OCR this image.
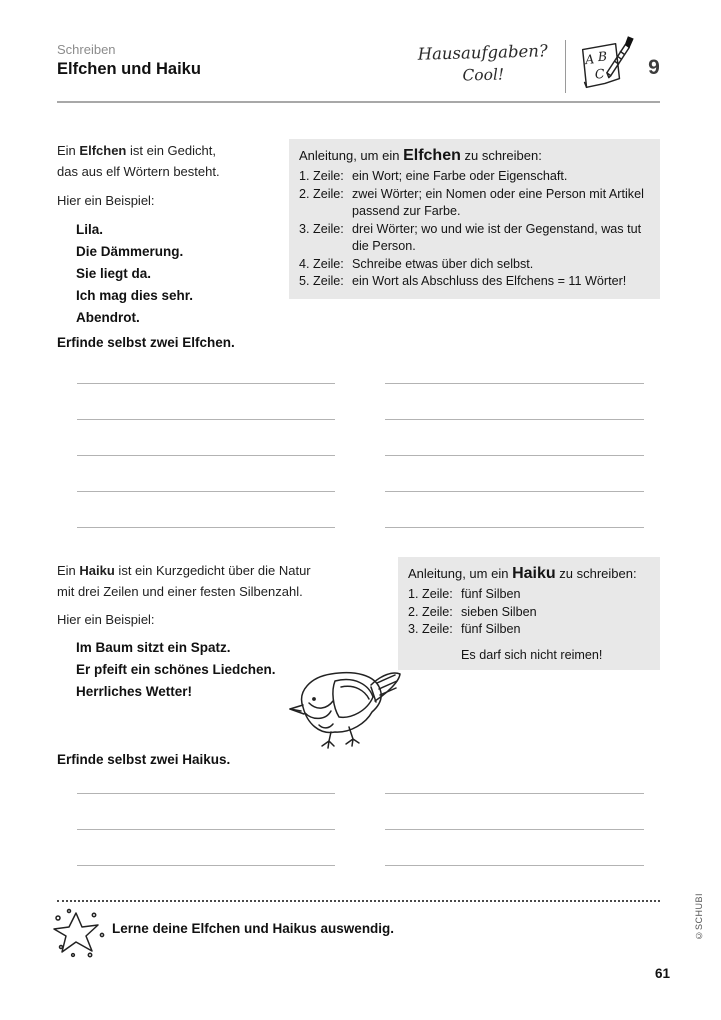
Schreiben
Elfchen und Haiku
Hausaufgaben?
Cool!
A B
C	9
Ein Elfchen ist ein Gedicht,
das aus elf Wörtern besteht.
Hier ein Beispiel:
Lila.
Die Dämmerung.
Sie liegt da.
Ich mag dies sehr.
Abendrot.
Anleitung, um ein Elfchen zu schreiben:
1. Zeile: ein Wort; eine Farbe oder Eigenschaft.
2. Zeile: zwei Wörter; ein Nomen oder eine Person mit Artikel passend zur Farbe.
3. Zeile: drei Wörter; wo und wie ist der Gegenstand, was tut die Person.
4. Zeile: Schreibe etwas über dich selbst.
5. Zeile: ein Wort als Abschluss des Elfchens = 11 Wörter!
Erfinde selbst zwei Elfchen.
Ein Haiku ist ein Kurzgedicht über die Natur
mit drei Zeilen und einer festen Silbenzahl.
Hier ein Beispiel:
Im Baum sitzt ein Spatz.
Er pfeift ein schönes Liedchen.
Herrliches Wetter!
Anleitung, um ein Haiku zu schreiben:
1. Zeile: fünf Silben
2. Zeile: sieben Silben
3. Zeile: fünf Silben
Es darf sich nicht reimen!
Erfinde selbst zwei Haikus.
Lerne deine Elfchen und Haikus auswendig.	©SCHUBI
61
